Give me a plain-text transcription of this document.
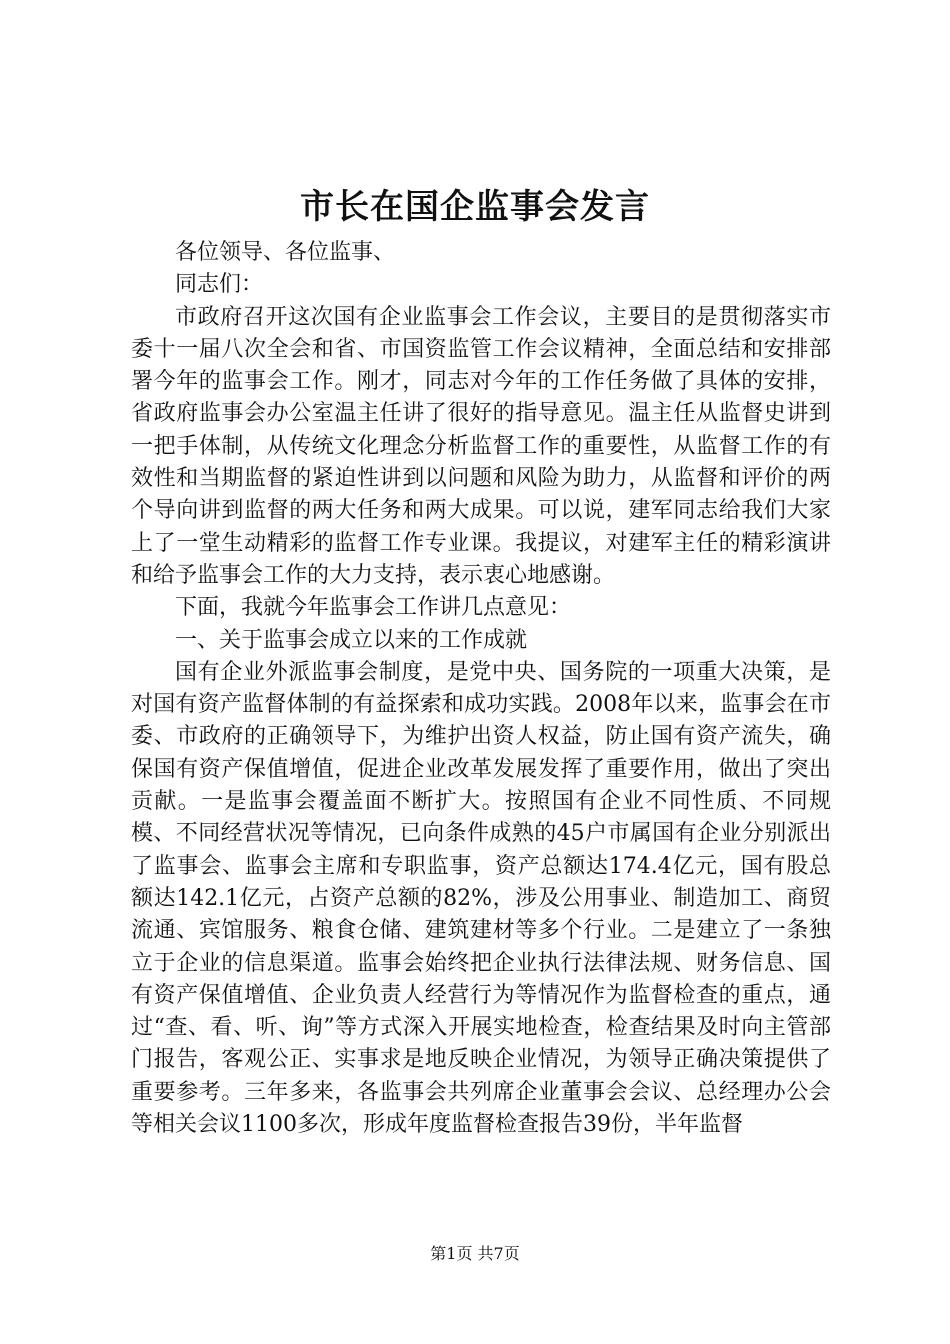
市长在国企监事会发言

各位领导、各位监事、

同志们：

市政府召开这次国有企业监事会工作会议，主要目的是贯彻落实市委十一届八次全会和省、市国资监管工作会议精神，全面总结和安排部署今年的监事会工作。刚才，同志对今年的工作任务做了具体的安排，省政府监事会办公室温主任讲了很好的指导意见。温主任从监督史讲到一把手体制，从传统文化理念分析监督工作的重要性，从监督工作的有效性和当期监督的紧迫性讲到以问题和风险为助力，从监督和评价的两个导向讲到监督的两大任务和两大成果。可以说，建军同志给我们大家上了一堂生动精彩的监督工作专业课。我提议，对建军主任的精彩演讲和给予监事会工作的大力支持，表示衷心地感谢。

下面，我就今年监事会工作讲几点意见：

一、关于监事会成立以来的工作成就

国有企业外派监事会制度，是党中央、国务院的一项重大决策，是对国有资产监督体制的有益探索和成功实践。2008年以来，监事会在市委、市政府的正确领导下，为维护出资人权益，防止国有资产流失，确保国有资产保值增值，促进企业改革发展发挥了重要作用，做出了突出贡献。一是监事会覆盖面不断扩大。按照国有企业不同性质、不同规模、不同经营状况等情况，已向条件成熟的45户市属国有企业分别派出了监事会、监事会主席和专职监事，资产总额达174.4亿元，国有股总额达142.1亿元，占资产总额的82%，涉及公用事业、制造加工、商贸流通、宾馆服务、粮食仓储、建筑建材等多个行业。二是建立了一条独立于企业的信息渠道。监事会始终把企业执行法律法规、财务信息、国有资产保值增值、企业负责人经营行为等情况作为监督检查的重点，通过“查、看、听、询”等方式深入开展实地检查，检查结果及时向主管部门报告，客观公正、实事求是地反映企业情况，为领导正确决策提供了重要参考。三年多来，各监事会共列席企业董事会会议、总经理办公会等相关会议1100多次，形成年度监督检查报告39份，半年监督

第1页 共7页
